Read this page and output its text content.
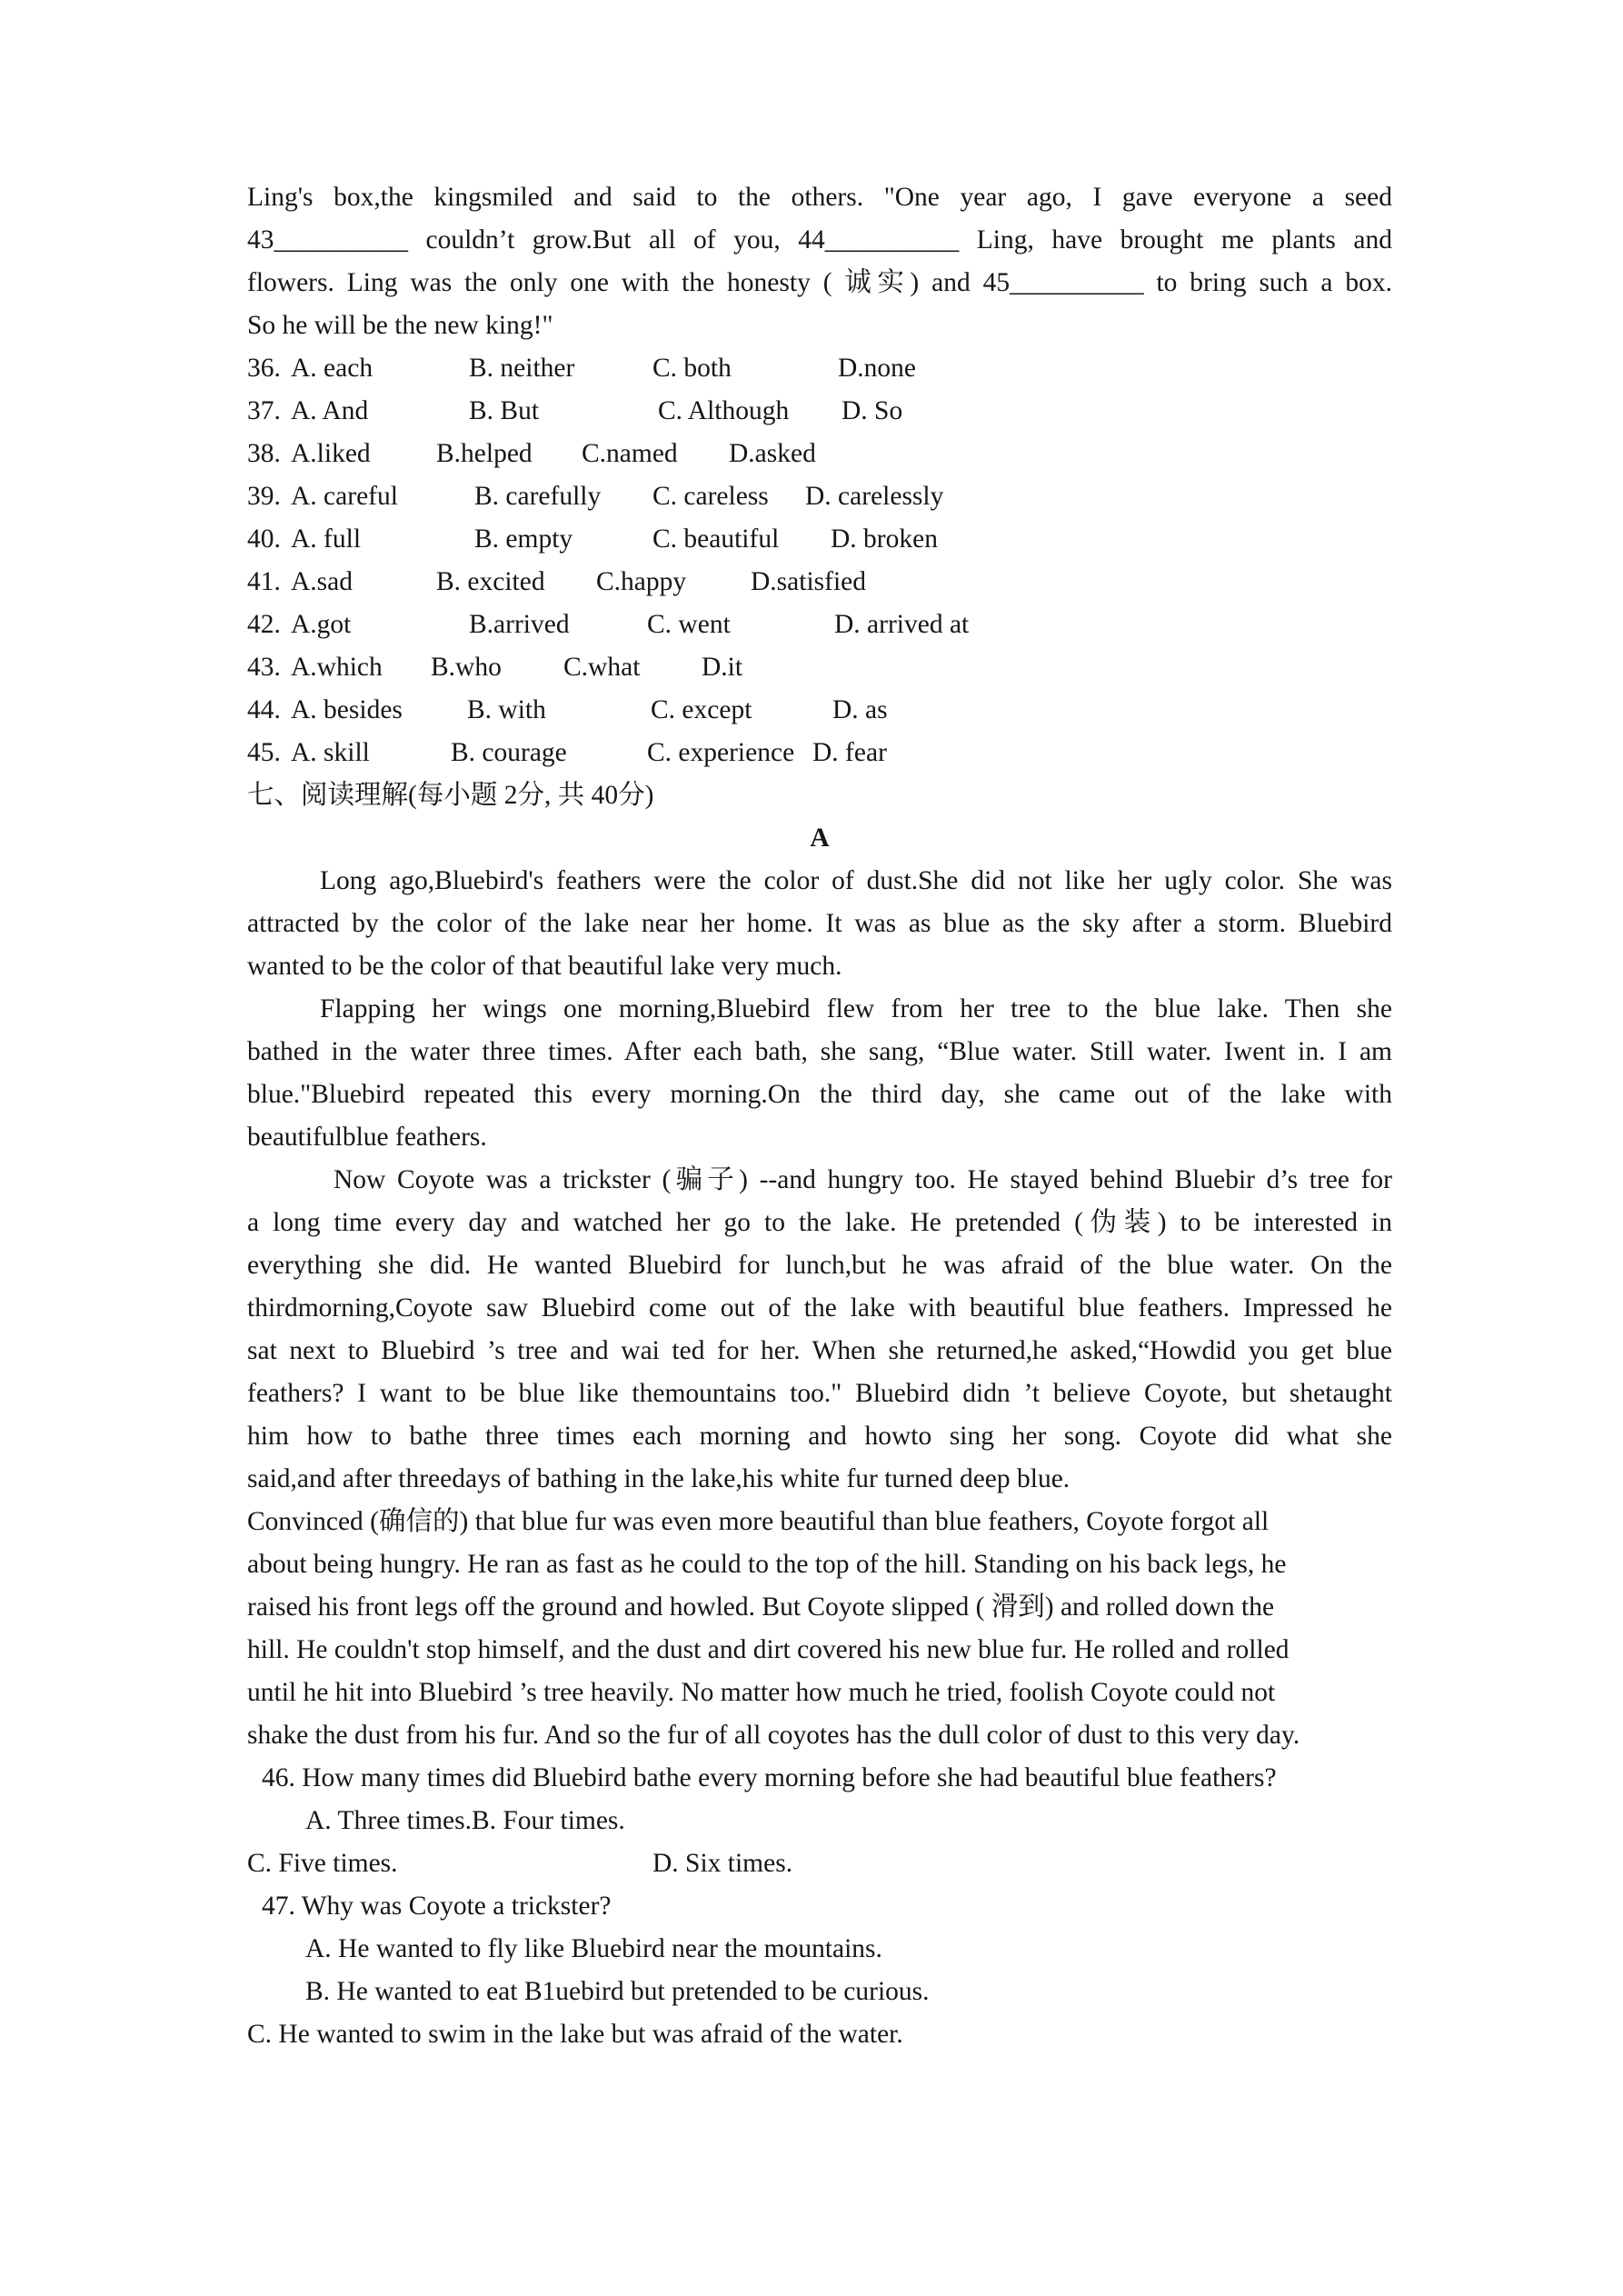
Ling's box,the kingsmiled and said to the others. "One year ago, I gave everyone a seed
43__________ couldn’t grow.But all of you, 44__________ Ling, have brought me plants and
flowers. Ling was the only one with the honesty ( 诚实) and 45__________ to bring such a box.
So he will be the new king!"
36. A. each	B. neither	C. both	D.none
37. A. And	B. But	C. Although	D. So
38. A.liked	B.helped	C.named	D.asked
39. A. careful	B. carefully	C. careless	D. carelessly
40. A. full	B. empty	C. beautiful	D. broken
41. A.sad	B. excited	C.happy	D.satisfied
42. A.got	B.arrived	C. went	D. arrived at
43. A.which	B.who	C.what	D.it
44. A. besides	B. with	C. except	D. as
45. A. skill	B. courage	C. experience D. fear
七、阅读理解(每小题 2分, 共 40分)
A
Long ago,Bluebird's feathers were the color of dust.She did not like her ugly color. She was
attracted by the color of the lake near her home. It was as blue as the sky after a storm. Bluebird
wanted to be the color of that beautiful lake very much.
Flapping her wings one morning,Bluebird flew from her tree to the blue lake. Then she
bathed in the water three times. After each bath, she sang, “Blue water. Still water. Iwent in. I am
blue."Bluebird repeated this every morning.On the third day, she came out of the lake with
beautifulblue feathers.
Now Coyote was a trickster (骗子) --and hungry too. He stayed behind Bluebir d’s tree for
a long time every day and watched her go to the lake. He pretended (伪装) to be interested in
everything she did. He wanted Bluebird for lunch,but he was afraid of the blue water. On the
thirdmorning,Coyote saw Bluebird come out of the lake with beautiful blue feathers. Impressed he
sat next to Bluebird ’s tree and wai ted for her. When she returned,he asked,“Howdid you get blue
feathers? I want to be blue like themountains too." Bluebird didn ’t believe Coyote, but shetaught
him how to bathe three times each morning and howto sing her song. Coyote did what she
said,and after threedays of bathing in the lake,his white fur turned deep blue.
Convinced (确信的) that blue fur was even more beautiful than blue feathers, Coyote forgot all
about being hungry. He ran as fast as he could to the top of the hill. Standing on his back legs, he
raised his front legs off the ground and howled. But Coyote slipped ( 滑到) and rolled down the
hill. He couldn't stop himself, and the dust and dirt covered his new blue fur. He rolled and rolled
until he hit into Bluebird ’s tree heavily. No matter how much he tried, foolish Coyote could not
shake the dust from his fur. And so the fur of all coyotes has the dull color of dust to this very day.
46. How many times did Bluebird bathe every morning before she had beautiful blue feathers?
A. Three times.B. Four times.
C. Five times.	D. Six times.
47. Why was Coyote a trickster?
A. He wanted to fly like Bluebird near the mountains.
B. He wanted to eat B1uebird but pretended to be curious.
C. He wanted to swim in the lake but was afraid of the water.
